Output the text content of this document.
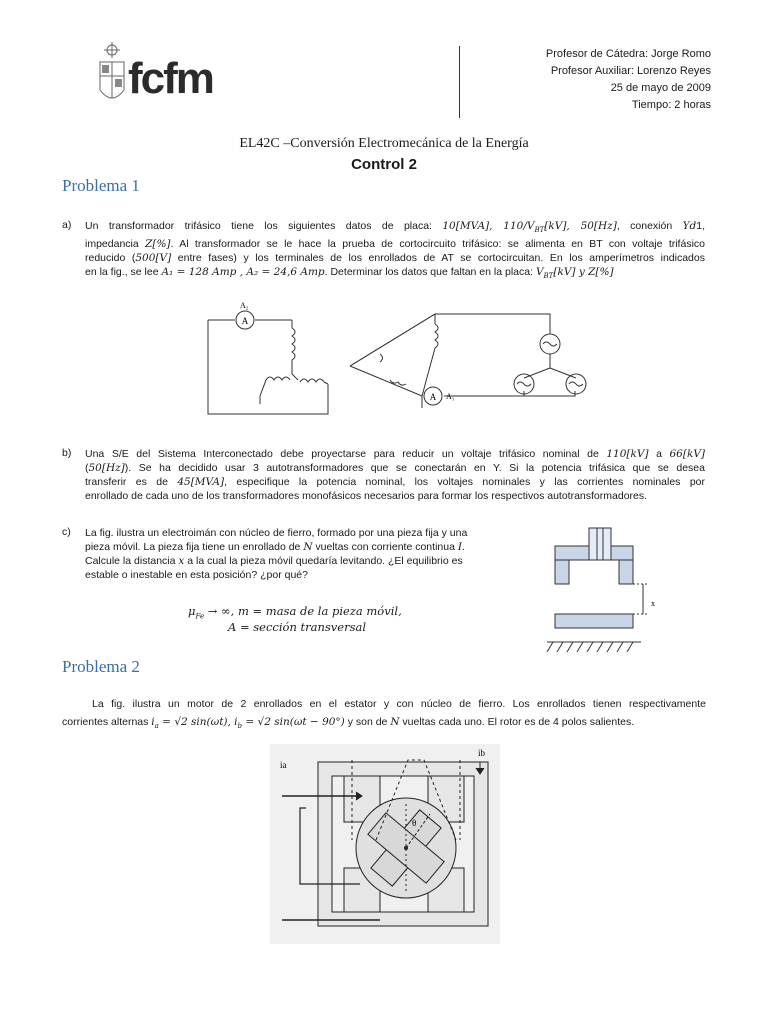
fcfm	Profesor de Cátedra: Jorge Romo
Profesor Auxiliar: Lorenzo Reyes
25 de mayo de 2009
Tiempo: 2 horas
EL42C –Conversión Electromecánica de la Energía
Control 2
Problema 1
a) Un transformador trifásico tiene los siguientes datos de placa: 10[MVA], $110/V_{BT}[kV]$, 50[Hz], conexión Yd1,
impedancia Z[%]. Al transformador se le hace la prueba de cortocircuito trifásico: se alimenta en BT con voltaje trifásico
reducido (500[V] entre fases) y los terminales de los enrollados de AT se cortocircuitan. En los amperímetros indicados
en la fig., se lee A₁ = 128 Amp , A₂ = 24,6 Amp. Determinar los datos que faltan en la placa: $V_{BT}[kV]$ y Z[%]
A
A
A₂
A₁
b) Una S/E del Sistema Interconectado debe proyectarse para reducir un voltaje trifásico nominal de 110[kV] a 66[kV]
(50[Hz]). Se ha decidido usar 3 autotransformadores que se conectarán en Y. Si la potencia trifásica que se desea
transferir es de 45[MVA], especifique la potencia nominal, los voltajes nominales y las corrientes nominales por
enrollado de cada uno de los transformadores monofásicos necesarios para formar los respectivos autotransformadores.
c) La fig. ilustra un electroimán con núcleo de fierro, formado por una pieza fija y una
pieza móvil. La pieza fija tiene un enrollado de N vueltas con corriente continua I.
Calcule la distancia x a la cual la pieza móvil quedaría levitando. ¿El equilibrio es
estable o inestable en esta posición? ¿por qué?
$\mu_{Fe}$ → ∞, m = masa de la pieza móvil,
A = sección transversal
x
Problema 2
La fig. ilustra un motor de 2 enrollados en el estator y con núcleo de fierro. Los enrollados tienen respectivamente
corrientes alternas $i_a = √2$ sin(ωt), $i_b = √2$ sin(ωt − 90°) y son de N vueltas cada uno. El rotor es de 4 polos salientes.
ia
ib
θ
